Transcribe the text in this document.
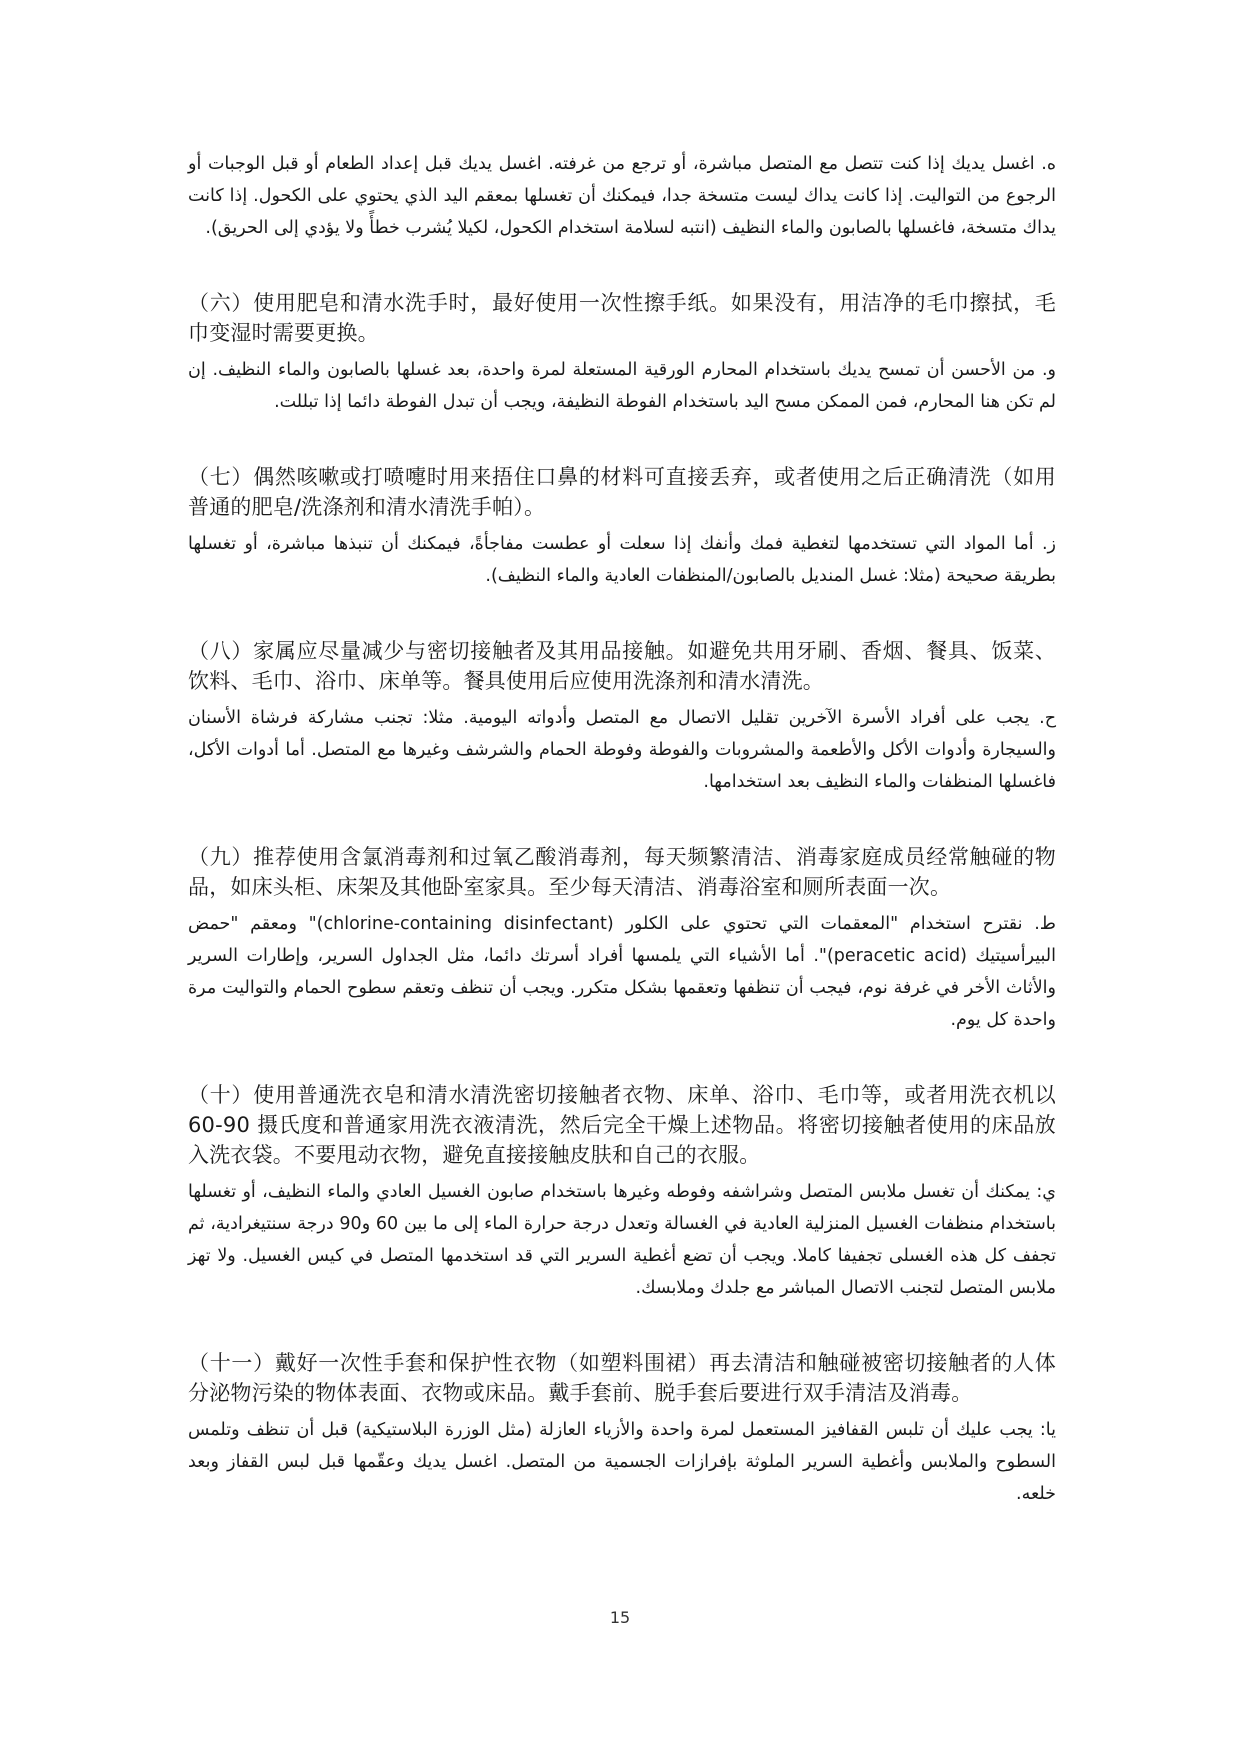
ه. اغسل يديك إذا كنت تتصل مع المتصل مباشرة، أو ترجع من غرفته. اغسل يديك قبل إعداد الطعام أو قبل الوجبات أو الرجوع من التواليت. إذا كانت يداك ليست متسخة جدا، فيمكنك أن تغسلها بمعقم اليد الذي يحتوي على الكحول. إذا كانت يداك متسخة، فاغسلها بالصابون والماء النظيف (انتبه لسلامة استخدام الكحول، لكيلا يُشرب خطأً ولا يؤدي إلى الحريق).

（六）使用肥皂和清水洗手时，最好使用一次性擦手纸。如果没有，用洁净的毛巾擦拭，毛巾变湿时需要更换。

و. من الأحسن أن تمسح يديك باستخدام المحارم الورقية المستعلة لمرة واحدة، بعد غسلها بالصابون والماء النظيف. إن لم تكن هنا المحارم، فمن الممكن مسح اليد باستخدام الفوطة النظيفة، ويجب أن تبدل الفوطة دائما إذا تبللت.

（七）偶然咳嗽或打喷嚏时用来捂住口鼻的材料可直接丢弃，或者使用之后正确清洗（如用普通的肥皂/洗涤剂和清水清洗手帕）。

ز. أما المواد التي تستخدمها لتغطية فمك وأنفك إذا سعلت أو عطست مفاجأةً، فيمكنك أن تنبذها مباشرة، أو تغسلها بطريقة صحيحة (مثلا: غسل المنديل بالصابون/المنظفات العادية والماء النظيف).

（八）家属应尽量减少与密切接触者及其用品接触。如避免共用牙刷、香烟、餐具、饭菜、饮料、毛巾、浴巾、床单等。餐具使用后应使用洗涤剂和清水清洗。

ح. يجب على أفراد الأسرة الآخرين تقليل الاتصال مع المتصل وأدواته اليومية. مثلا: تجنب مشاركة فرشاة الأسنان والسيجارة وأدوات الأكل والأطعمة والمشروبات والفوطة وفوطة الحمام والشرشف وغيرها مع المتصل. أما أدوات الأكل، فاغسلها المنظفات والماء النظيف بعد استخدامها.

（九）推荐使用含氯消毒剂和过氧乙酸消毒剂，每天频繁清洁、消毒家庭成员经常触碰的物品，如床头柜、床架及其他卧室家具。至少每天清洁、消毒浴室和厕所表面一次。

ط. نقترح استخدام "المعقمات التي تحتوي على الكلور (chlorine-containing disinfectant)" ومعقم "حمض البيرأسيتيك (peracetic acid)". أما الأشياء التي يلمسها أفراد أسرتك دائما، مثل الجداول السرير، وإطارات السرير والأثاث الأخر في غرفة نوم، فيجب أن تنظفها وتعقمها بشكل متكرر. ويجب أن تنظف وتعقم سطوح الحمام والتواليت مرة واحدة كل يوم.

（十）使用普通洗衣皂和清水清洗密切接触者衣物、床单、浴巾、毛巾等，或者用洗衣机以 60-90 摄氏度和普通家用洗衣液清洗，然后完全干燥上述物品。将密切接触者使用的床品放入洗衣袋。不要甩动衣物，避免直接接触皮肤和自己的衣服。

ي: يمكنك أن تغسل ملابس المتصل وشراشفه وفوطه وغيرها باستخدام صابون الغسيل العادي والماء النظيف، أو تغسلها باستخدام منظفات الغسيل المنزلية العادية في الغسالة وتعدل درجة حرارة الماء إلى ما بين 60 و90 درجة سنتيغرادية، ثم تجفف كل هذه الغسلى تجفيفا كاملا. ويجب أن تضع أغطية السرير التي قد استخدمها المتصل في كيس الغسيل. ولا تهز ملابس المتصل لتجنب الاتصال المباشر مع جلدك وملابسك.

（十一）戴好一次性手套和保护性衣物（如塑料围裙）再去清洁和触碰被密切接触者的人体分泌物污染的物体表面、衣物或床品。戴手套前、脱手套后要进行双手清洁及消毒。

يا: يجب عليك أن تلبس القفافيز المستعمل لمرة واحدة والأزياء العازلة (مثل الوزرة البلاستيكية) قبل أن تنظف وتلمس السطوح والملابس وأغطية السرير الملوثة بإفرازات الجسمية من المتصل. اغسل يديك وعقّمها قبل لبس القفاز وبعد خلعه.

15
